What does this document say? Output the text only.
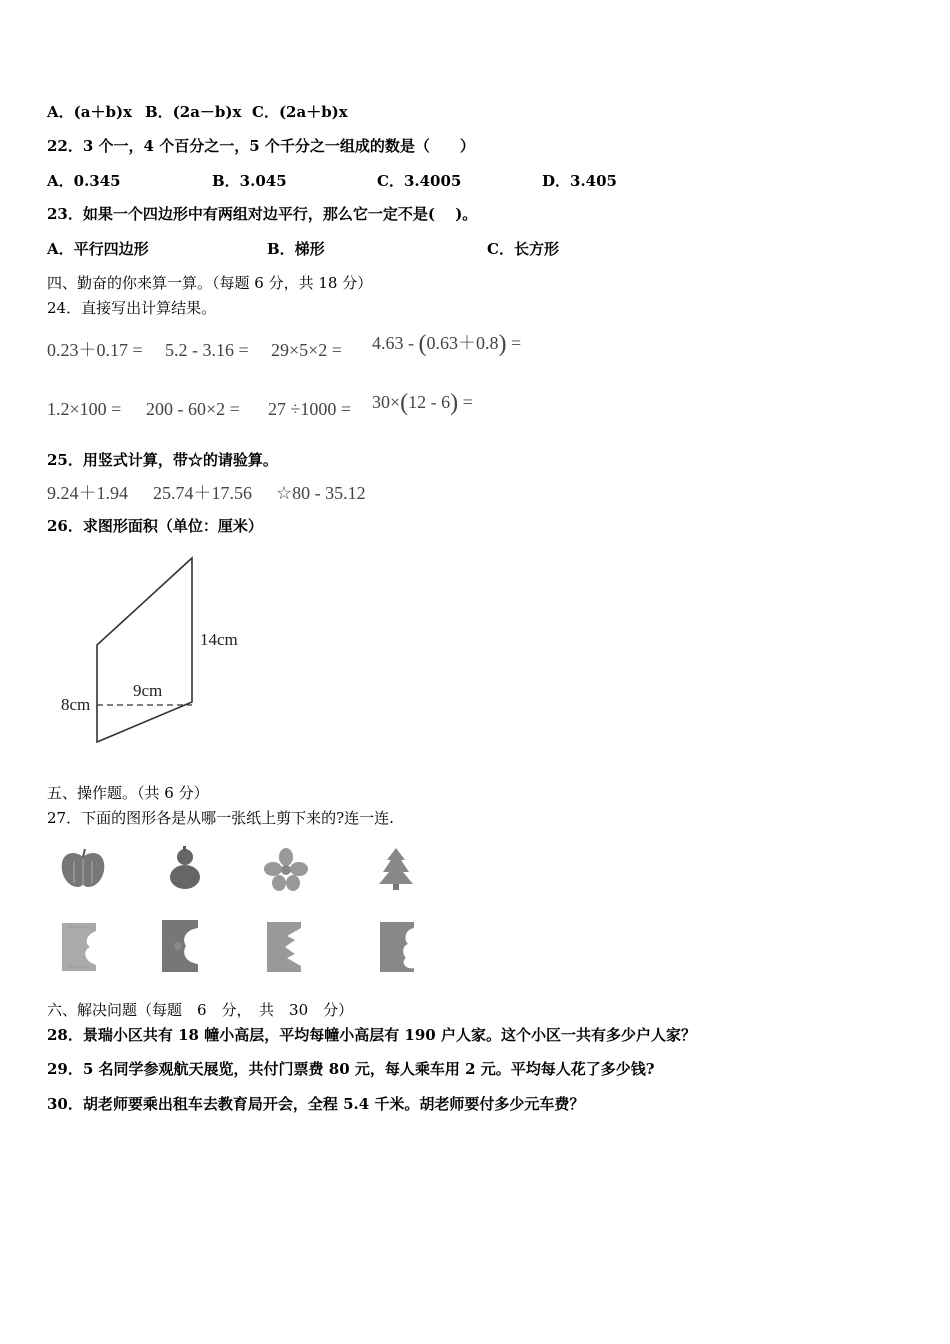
A．(a＋b)x B．(2a－b)x C．(2a＋b)x
22．3 个一，4 个百分之一，5 个千分之一组成的数是（　　）
A．0.345	B．3.045	C．3.4005	D．3.405
23．如果一个四边形中有两组对边平行，那么它一定不是(　 )。
A．平行四边形	B．梯形	C．长方形
四、勤奋的你来算一算。（每题 6 分，共 18 分）
24．直接写出计算结果。
0.23＋0.17 = 5.2 - 3.16 = 29×5×2 = 4.63 - (0.63＋0.8) =
1.2×100 = 200 - 60×2 = 27 ÷1000 = 30×(12 - 6) =
25．用竖式计算，带☆的请验算。
9.24＋1.94 25.74＋17.56 ☆80 - 35.12
26．求图形面积（单位：厘米）
14cm
9cm
8cm
五、操作题。（共 6 分）
27．下面的图形各是从哪一张纸上剪下来的?连一连.
六、解决问题（每题　6　分，　共　30　分）
28．景瑞小区共有 18 幢小高层，平均每幢小高层有 190 户人家。这个小区一共有多少户人家？
29．5 名同学参观航天展览，共付门票费 80 元，每人乘车用 2 元。平均每人花了多少钱?
30．胡老师要乘出租车去教育局开会，全程 5.4 千米。胡老师要付多少元车费？
